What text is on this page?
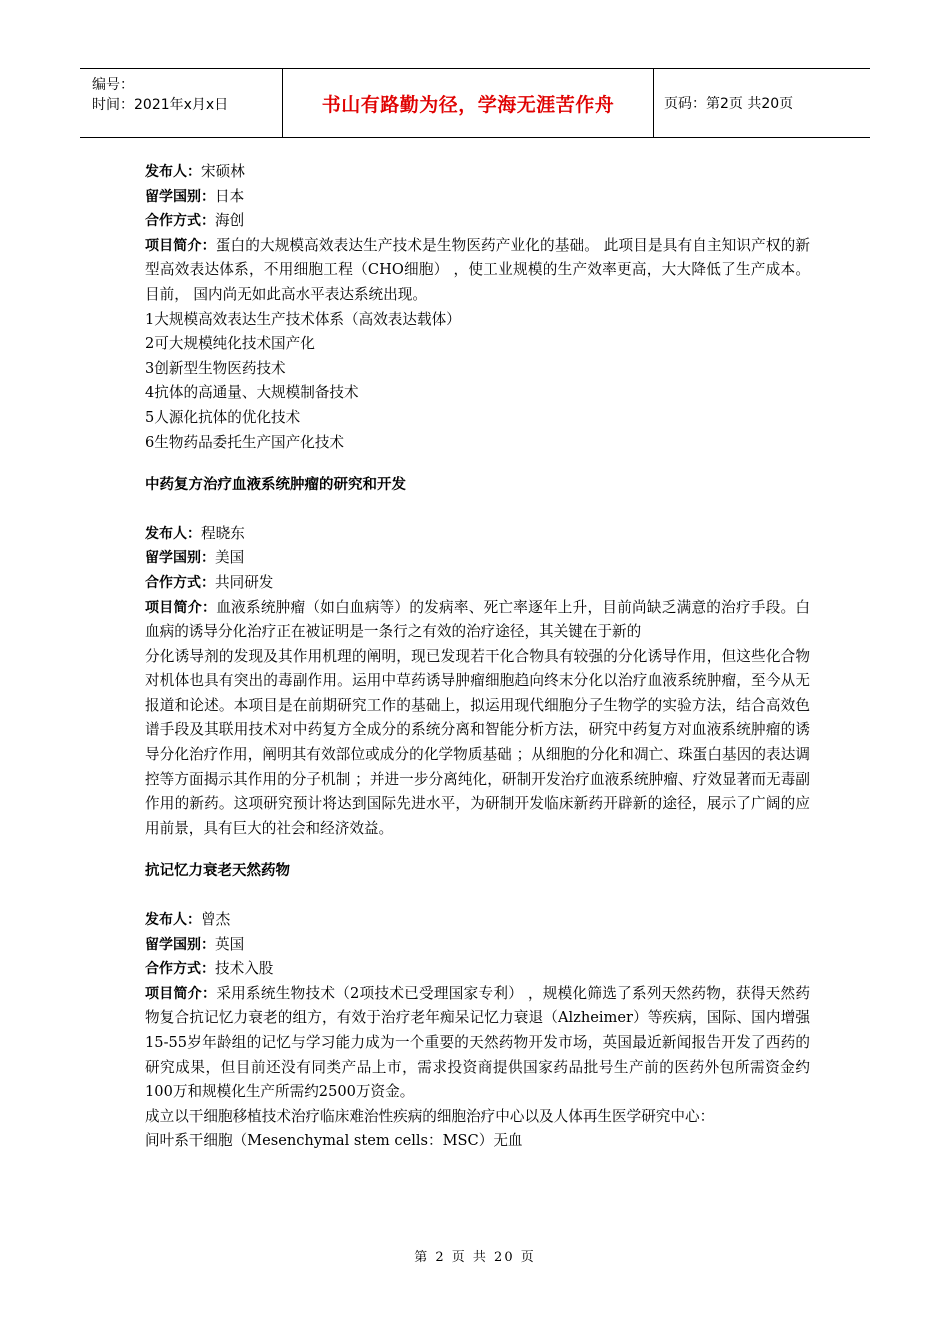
编号：
时间：2021年x月x日	书山有路勤为径，学海无涯苦作舟	页码：第2页 共20页

发布人：宋硕林

留学国别：日本

合作方式：海创

项目简介：蛋白的大规模高效表达生产技术是生物医药产业化的基础。 此项目是具有自主知识产权的新型高效表达体系，不用细胞工程（CHO细胞） ，使工业规模的生产效率更高，大大降低了生产成本。目前， 国内尚无如此高水平表达系统出现。

1大规模高效表达生产技术体系（高效表达载体）

2可大规模纯化技术国产化

3创新型生物医药技术

4抗体的高通量、大规模制备技术

5人源化抗体的优化技术

6生物药品委托生产国产化技术

中药复方治疗血液系统肿瘤的研究和开发

发布人：程晓东

留学国别：美国

合作方式：共同研发

项目简介：血液系统肿瘤（如白血病等）的发病率、死亡率逐年上升，目前尚缺乏满意的治疗手段。白血病的诱导分化治疗正在被证明是一条行之有效的治疗途径，其关键在于新的

分化诱导剂的发现及其作用机理的阐明，现已发现若干化合物具有较强的分化诱导作用，但这些化合物对机体也具有突出的毒副作用。运用中草药诱导肿瘤细胞趋向终末分化以治疗血液系统肿瘤，至今从无报道和论述。本项目是在前期研究工作的基础上，拟运用现代细胞分子生物学的实验方法，结合高效色谱手段及其联用技术对中药复方全成分的系统分离和智能分析方法，研究中药复方对血液系统肿瘤的诱导分化治疗作用，阐明其有效部位或成分的化学物质基础 ；从细胞的分化和凋亡、珠蛋白基因的表达调控等方面揭示其作用的分子机制 ；并进一步分离纯化，研制开发治疗血液系统肿瘤、疗效显著而无毒副作用的新药。这项研究预计将达到国际先进水平，为研制开发临床新药开辟新的途径，展示了广阔的应用前景，具有巨大的社会和经济效益。

抗记忆力衰老天然药物

发布人：曾杰

留学国别：英国

合作方式：技术入股

项目简介：采用系统生物技术（2项技术已受理国家专利） ，规模化筛选了系列天然药物，获得天然药物复合抗记忆力衰老的组方，有效于治疗老年痴呆记忆力衰退（Alzheimer）等疾病，国际、国内增强 15-55岁年龄组的记忆与学习能力成为一个重要的天然药物开发市场，英国最近新闻报告开发了西药的研究成果，但目前还没有同类产品上市，需求投资商提供国家药品批号生产前的医药外包所需资金约100万和规模化生产所需约2500万资金。

成立以干细胞移植技术治疗临床难治性疾病的细胞治疗中心以及人体再生医学研究中心：

间叶系干细胞（Mesenchymal stem cells：MSC）无血

第 2 页 共 20 页
